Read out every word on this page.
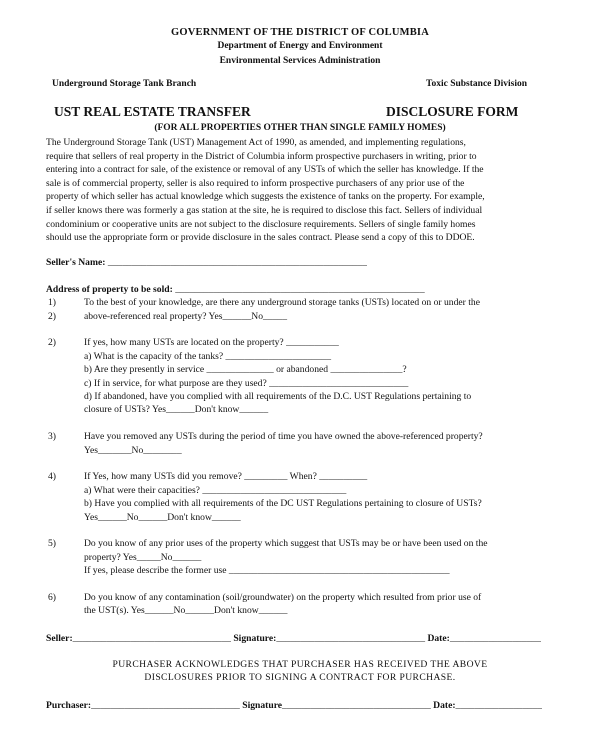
GOVERNMENT OF THE DISTRICT OF COLUMBIA
Department of Energy and Environment
Environmental Services Administration
Underground Storage Tank Branch	Toxic Substance Division
UST REAL ESTATE TRANSFER	DISCLOSURE FORM
(FOR ALL PROPERTIES OTHER THAN SINGLE FAMILY HOMES)
The Underground Storage Tank (UST) Management Act of 1990, as amended, and implementing regulations,
require that sellers of real property in the District of Columbia inform prospective purchasers in writing, prior to
entering into a contract for sale, of the existence or removal of any USTs of which the seller has knowledge. If the
sale is of commercial property, seller is also required to inform prospective purchasers of any prior use of the
property of which seller has actual knowledge which suggests the existence of tanks on the property. For example,
if seller knows there was formerly a gas station at the site, he is required to disclose this fact. Sellers of individual
condominium or cooperative units are not subject to the disclosure requirements. Sellers of single family homes
should use the appropriate form or provide disclosure in the sales contract. Please send a copy of this to DDOE.
Seller's Name: ______________________________________________________
Address of property to be sold: ____________________________________________________
1)	To the best of your knowledge, are there any underground storage tanks (USTs) located on or under the
2)	above-referenced real property? Yes______No_____
2)	If yes, how many USTs are located on the property? ___________
a) What is the capacity of the tanks? ______________________
b) Are they presently in service ______________ or abandoned _______________?
c) If in service, for what purpose are they used? _____________________________
d) If abandoned, have you complied with all requirements of the D.C. UST Regulations pertaining to
closure of USTs? Yes______Don't know______
3)	Have you removed any USTs during the period of time you have owned the above-referenced property?
Yes_______No________
4)	If Yes, how many USTs did you remove? _________ When? __________
a) What were their capacities? ______________________________
b) Have you complied with all requirements of the DC UST Regulations pertaining to closure of USTs?
Yes______No______Don't know______
5)	Do you know of any prior uses of the property which suggest that USTs may be or have been used on the
property? Yes_____No______
If yes, please describe the former use ______________________________________________
6)	Do you know of any contamination (soil/groundwater) on the property which resulted from prior use of
the UST(s). Yes______No______Don't know______
Seller:_________________________________ Signature:_______________________________ Date:___________________
PURCHASER ACKNOWLEDGES THAT PURCHASER HAS RECEIVED THE ABOVE
DISCLOSURES PRIOR TO SIGNING A CONTRACT FOR PURCHASE.
Purchaser:_______________________________ Signature_______________________________ Date:__________________
